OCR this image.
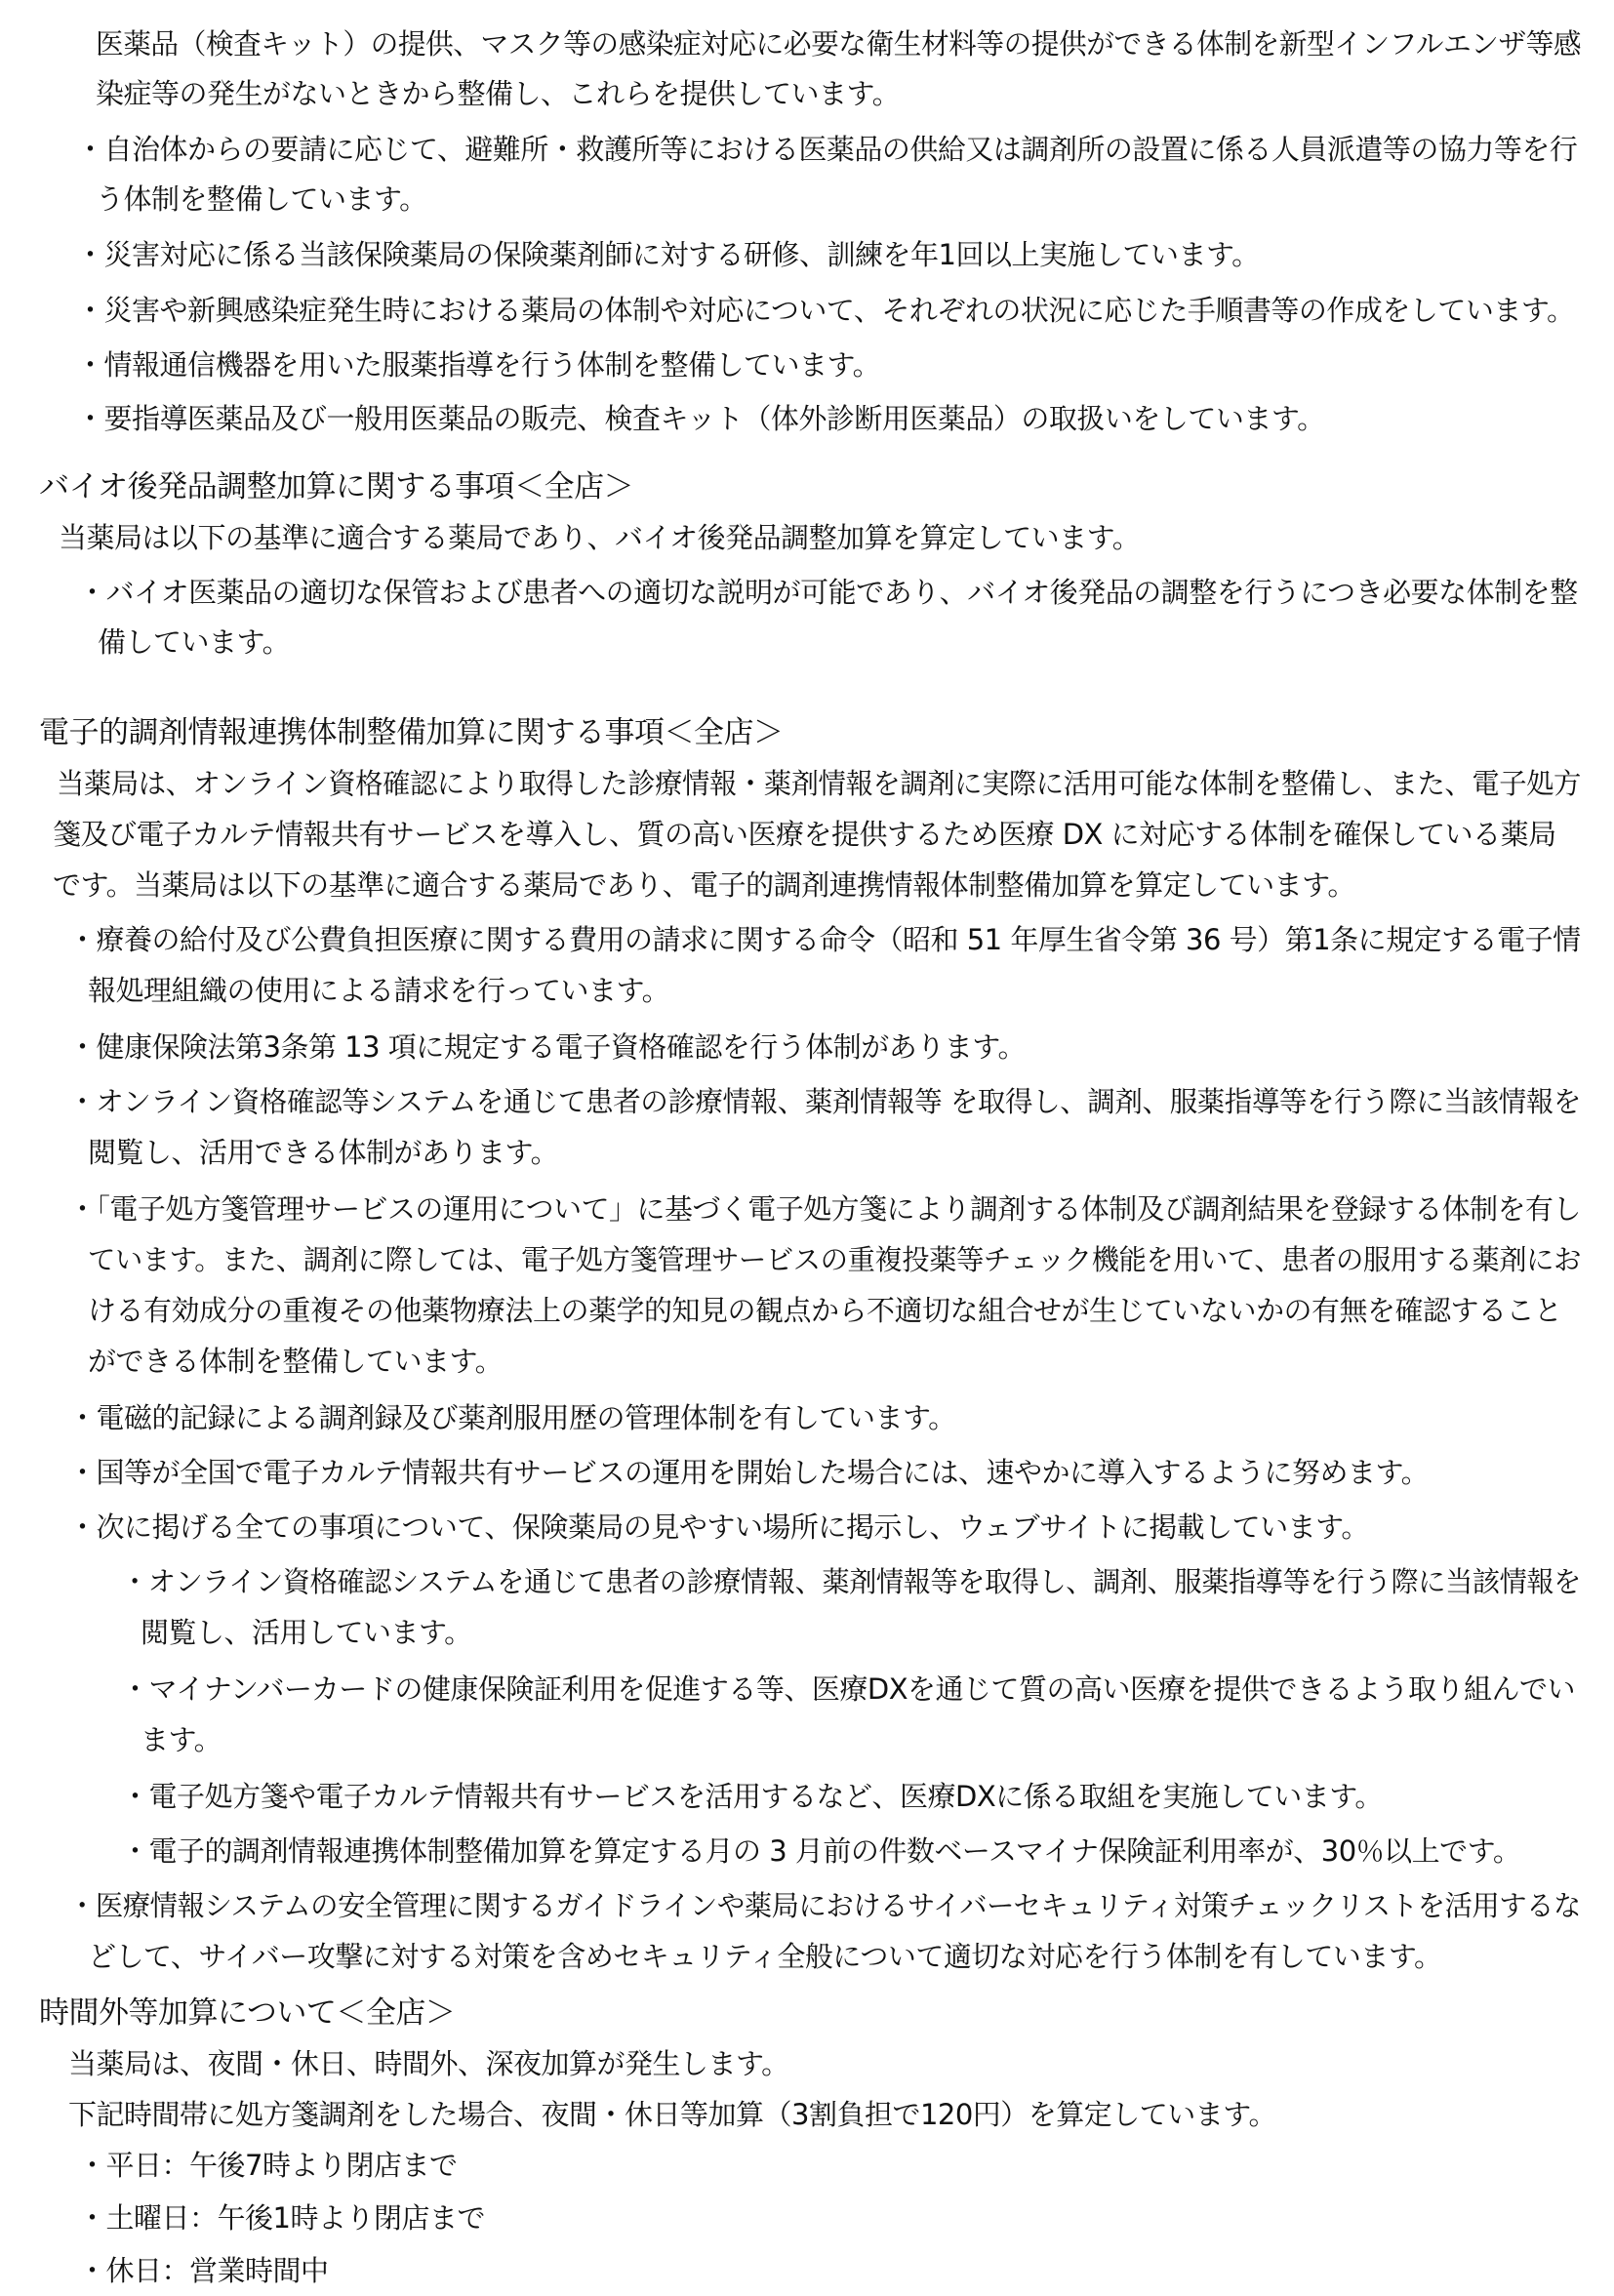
医薬品（検査キット）の提供、マスク等の感染症対応に必要な衛生材料等の提供ができる体制を新型インフルエンザ等感
染症等の発生がないときから整備し、これらを提供しています。
・自治体からの要請に応じて、避難所・救護所等における医薬品の供給又は調剤所の設置に係る人員派遣等の協力等を行
う体制を整備しています。
・災害対応に係る当該保険薬局の保険薬剤師に対する研修、訓練を年1回以上実施しています。
・災害や新興感染症発生時における薬局の体制や対応について、それぞれの状況に応じた手順書等の作成をしています。
・情報通信機器を用いた服薬指導を行う体制を整備しています。
・要指導医薬品及び一般用医薬品の販売、検査キット（体外診断用医薬品）の取扱いをしています。
バイオ後発品調整加算に関する事項＜全店＞
当薬局は以下の基準に適合する薬局であり、バイオ後発品調整加算を算定しています。
・バイオ医薬品の適切な保管および患者への適切な説明が可能であり、バイオ後発品の調整を行うにつき必要な体制を整
備しています。
電子的調剤情報連携体制整備加算に関する事項＜全店＞
当薬局は、オンライン資格確認により取得した診療情報・薬剤情報を調剤に実際に活用可能な体制を整備し、また、電子処方
箋及び電子カルテ情報共有サービスを導入し、質の高い医療を提供するため医療 DX に対応する体制を確保している薬局
です。当薬局は以下の基準に適合する薬局であり、電子的調剤連携情報体制整備加算を算定しています。
・療養の給付及び公費負担医療に関する費用の請求に関する命令（昭和 51 年厚生省令第 36 号）第1条に規定する電子情
報処理組織の使用による請求を行っています。
・健康保険法第3条第 13 項に規定する電子資格確認を行う体制があります。
・オンライン資格確認等システムを通じて患者の診療情報、薬剤情報等 を取得し、調剤、服薬指導等を行う際に当該情報を
閲覧し、活用できる体制があります。
・「電子処方箋管理サービスの運用について」に基づく電子処方箋により調剤する体制及び調剤結果を登録する体制を有し
ています。また、調剤に際しては、電子処方箋管理サービスの重複投薬等チェック機能を用いて、患者の服用する薬剤にお
ける有効成分の重複その他薬物療法上の薬学的知見の観点から不適切な組合せが生じていないかの有無を確認すること
ができる体制を整備しています。
・電磁的記録による調剤録及び薬剤服用歴の管理体制を有しています。
・国等が全国で電子カルテ情報共有サービスの運用を開始した場合には、速やかに導入するように努めます。
・次に掲げる全ての事項について、保険薬局の見やすい場所に掲示し、ウェブサイトに掲載しています。
・オンライン資格確認システムを通じて患者の診療情報、薬剤情報等を取得し、調剤、服薬指導等を行う際に当該情報を
閲覧し、活用しています。
・マイナンバーカードの健康保険証利用を促進する等、医療DXを通じて質の高い医療を提供できるよう取り組んでい
ます。
・電子処方箋や電子カルテ情報共有サービスを活用するなど、医療DXに係る取組を実施しています。
・電子的調剤情報連携体制整備加算を算定する月の 3 月前の件数ベースマイナ保険証利用率が、30％以上です。
・医療情報システムの安全管理に関するガイドラインや薬局におけるサイバーセキュリティ対策チェックリストを活用するな
どして、サイバー攻撃に対する対策を含めセキュリティ全般について適切な対応を行う体制を有しています。
時間外等加算について＜全店＞
当薬局は、夜間・休日、時間外、深夜加算が発生します。
下記時間帯に処方箋調剤をした場合、夜間・休日等加算（3割負担で120円）を算定しています。
・平日：午後7時より閉店まで
・土曜日：午後1時より閉店まで
・休日：営業時間中
